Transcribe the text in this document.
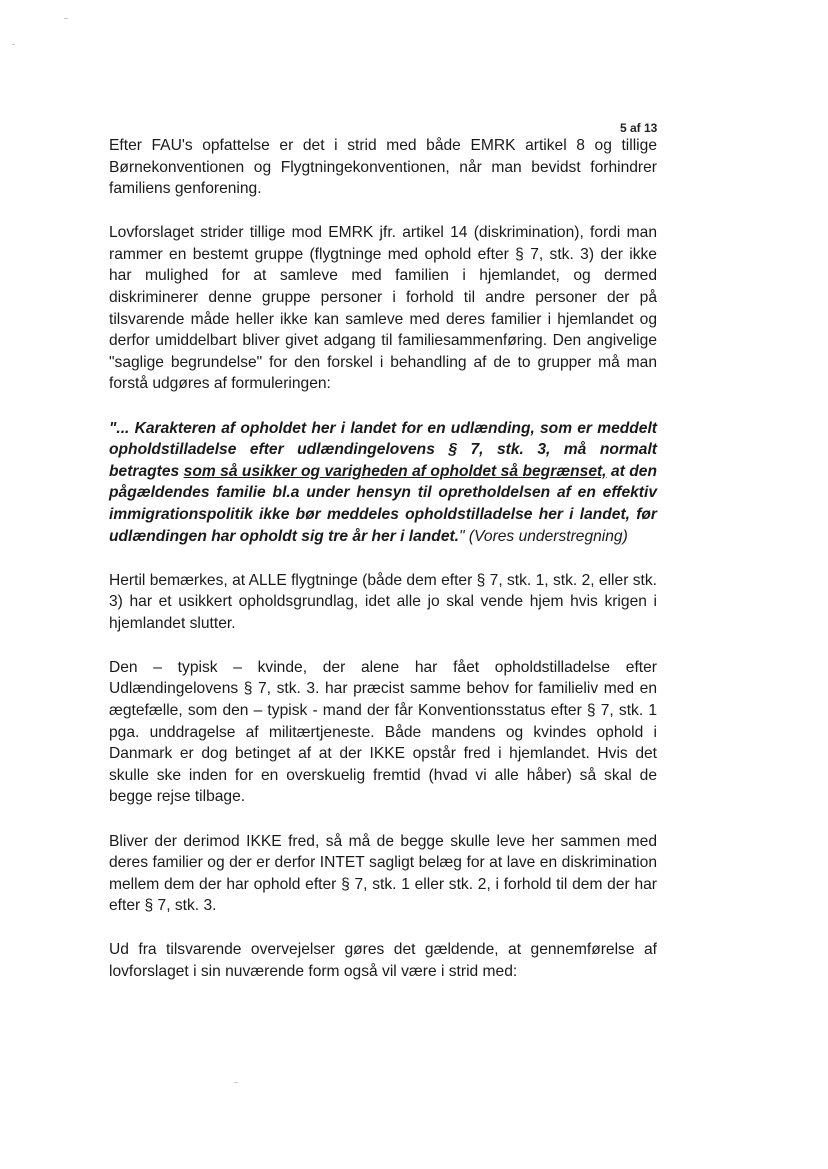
5 af 13

Efter FAU's opfattelse er det i strid med både EMRK artikel 8 og tillige Børnekonventionen og Flygtningekonventionen, når man bevidst forhindrer familiens genforening.

Lovforslaget strider tillige mod EMRK jfr. artikel 14 (diskrimination), fordi man rammer en bestemt gruppe (flygtninge med ophold efter § 7, stk. 3) der ikke har mulighed for at samleve med familien i hjemlandet, og dermed diskriminerer denne gruppe personer i forhold til andre personer der på tilsvarende måde heller ikke kan samleve med deres familier i hjemlandet og derfor umiddelbart bliver givet adgang til familiesammenføring. Den angivelige "saglige begrundelse" for den forskel i behandling af de to grupper må man forstå udgøres af formuleringen:

"... Karakteren af opholdet her i landet for en udlænding, som er meddelt opholdstilladelse efter udlændingelovens § 7, stk. 3, må normalt betragtes som så usikker og varigheden af opholdet så begrænset, at den pågældendes familie bl.a under hensyn til opretholdelsen af en effektiv immigrationspolitik ikke bør meddeles opholdstilladelse her i landet, før udlændingen har opholdt sig tre år her i landet." (Vores understregning)

Hertil bemærkes, at ALLE flygtninge (både dem efter § 7, stk. 1, stk. 2, eller stk. 3) har et usikkert opholdsgrundlag, idet alle jo skal vende hjem hvis krigen i hjemlandet slutter.

Den – typisk – kvinde, der alene har fået opholdstilladelse efter Udlændingelovens § 7, stk. 3. har præcist samme behov for familieliv med en ægtefælle, som den – typisk - mand der får Konventionsstatus efter § 7, stk. 1 pga. unddragelse af militærtjeneste. Både mandens og kvindes ophold i Danmark er dog betinget af at der IKKE opstår fred i hjemlandet. Hvis det skulle ske inden for en overskuelig fremtid (hvad vi alle håber) så skal de begge rejse tilbage.

Bliver der derimod IKKE fred, så må de begge skulle leve her sammen med deres familier og der er derfor INTET sagligt belæg for at lave en diskrimination mellem dem der har ophold efter § 7, stk. 1 eller stk. 2, i forhold til dem der har efter § 7, stk. 3.

Ud fra tilsvarende overvejelser gøres det gældende, at gennemførelse af lovforslaget i sin nuværende form også vil være i strid med:
